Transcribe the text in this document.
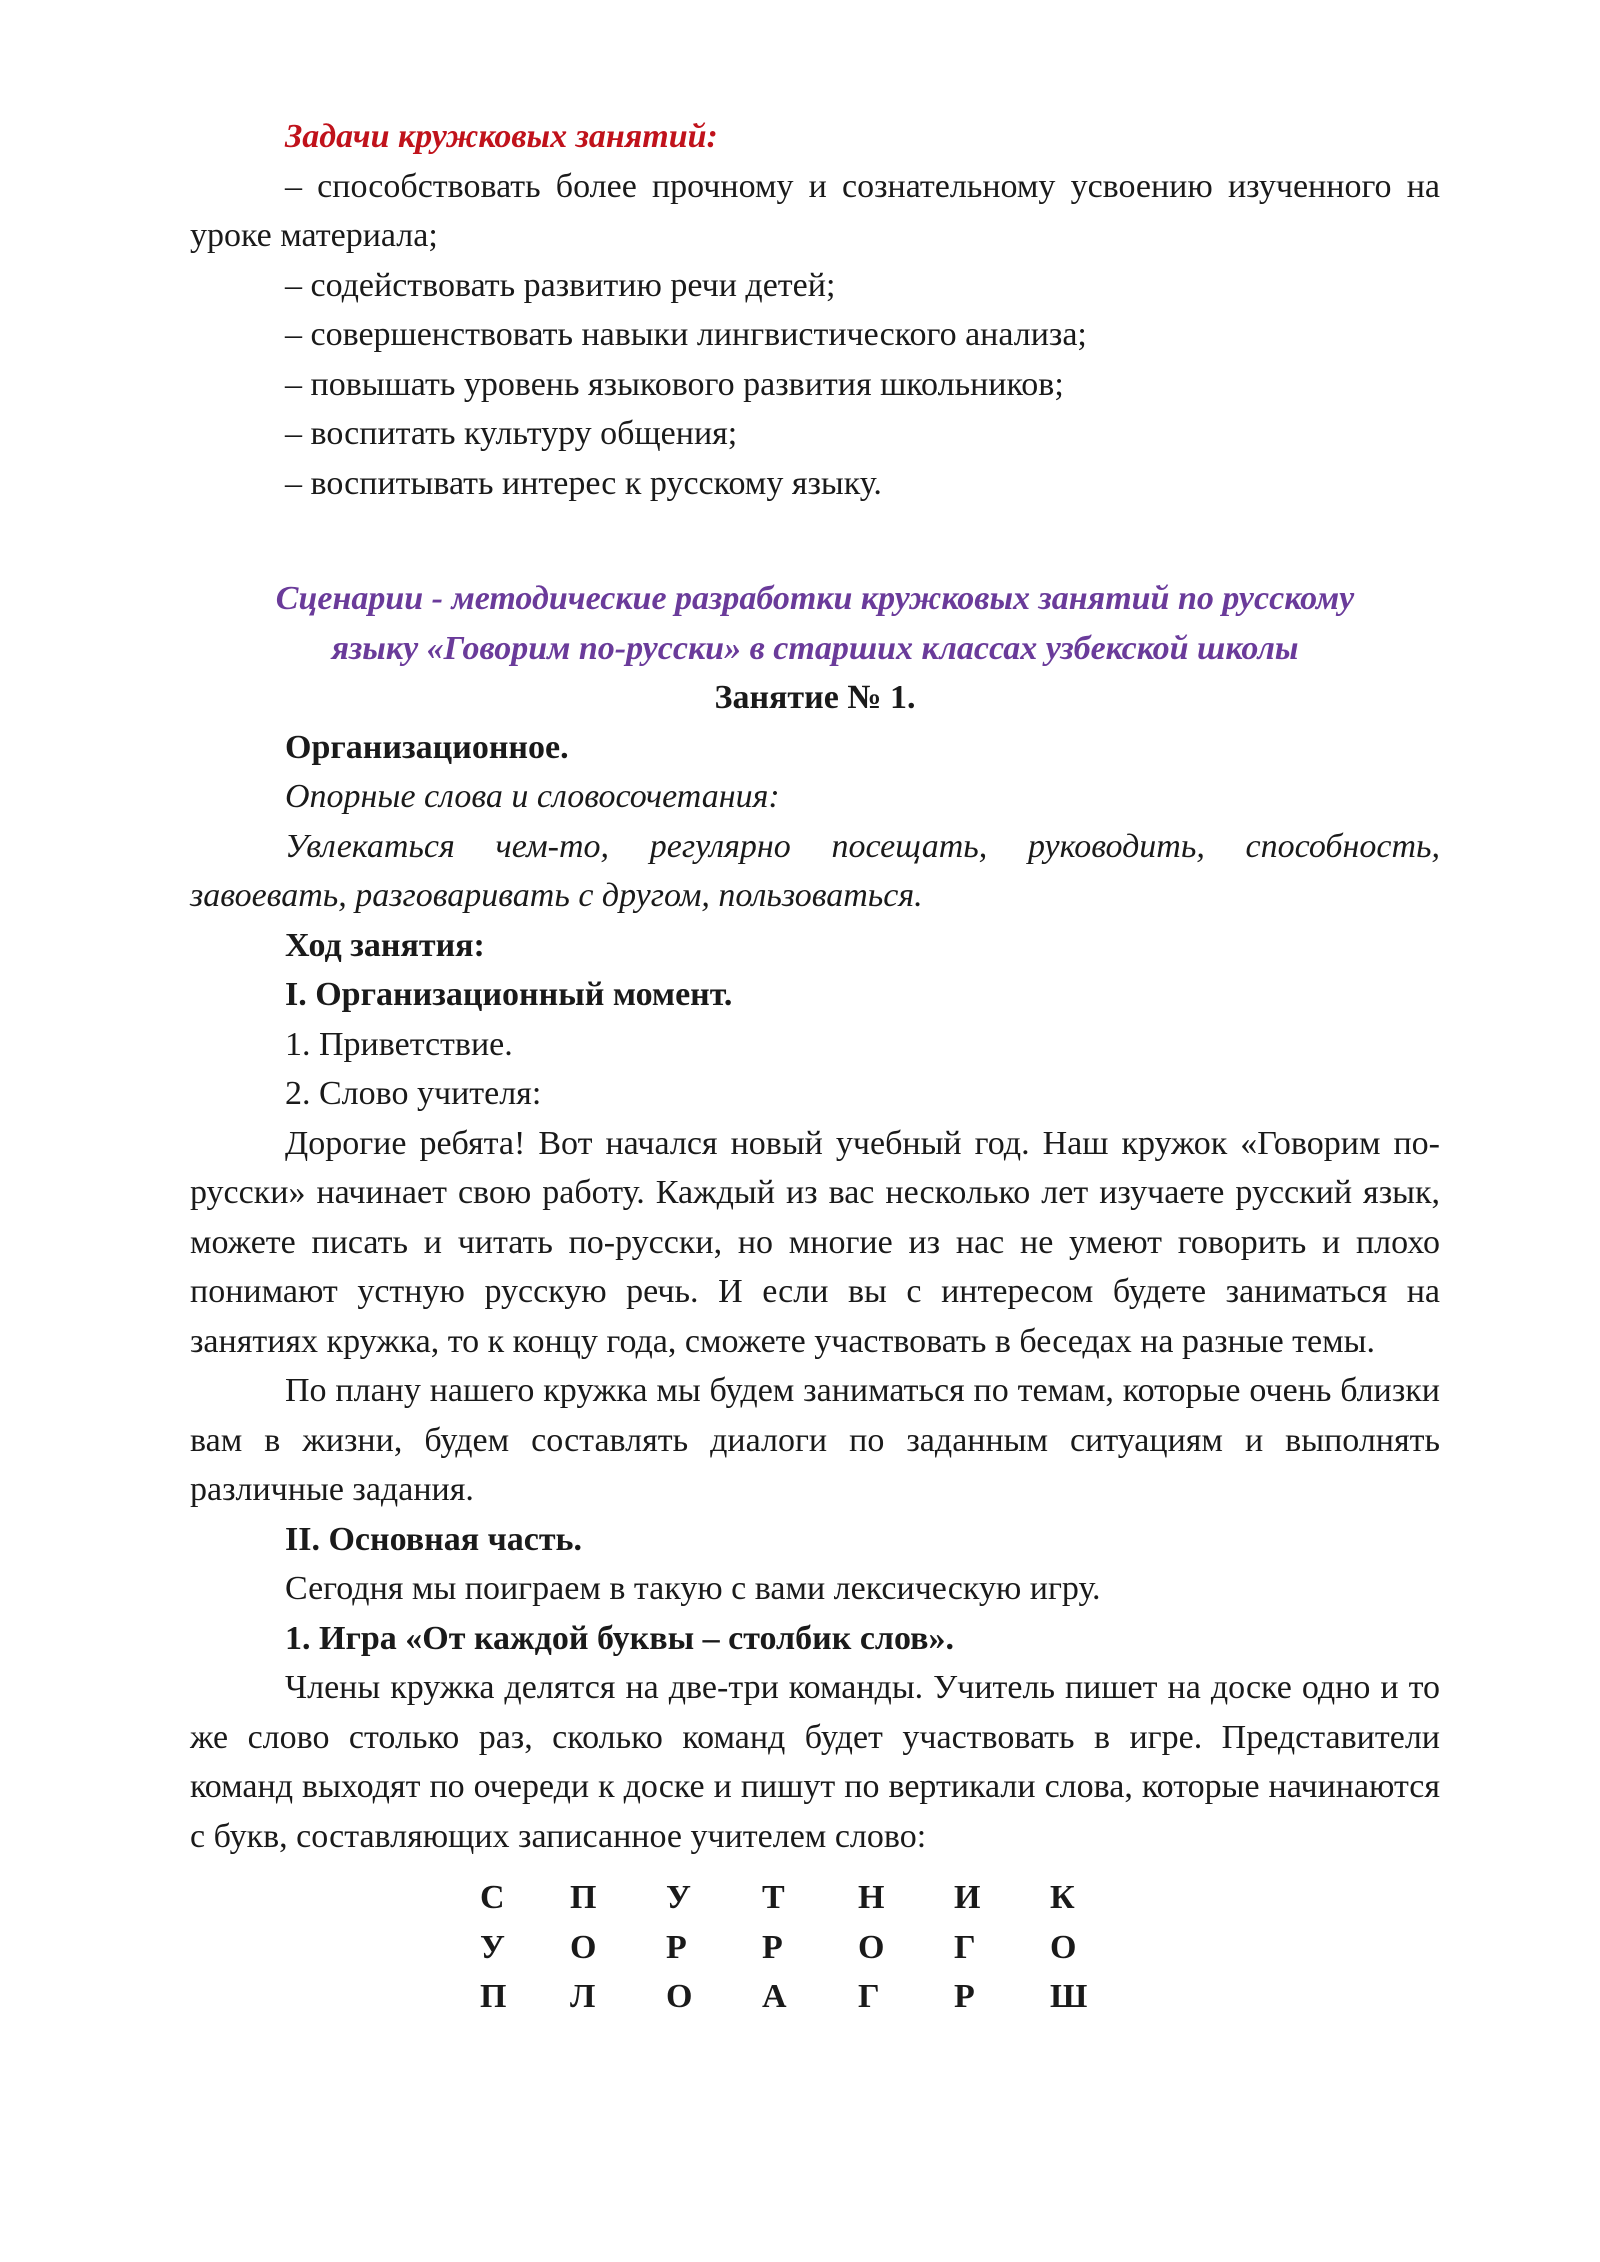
Задачи кружковых занятий:

– способствовать более прочному и сознательному усвоению изученного на уроке материала;

– содействовать развитию речи детей;

– совершенствовать навыки лингвистического анализа;

– повышать уровень языкового развития школьников;

– воспитать культуру общения;

– воспитывать интерес к русскому языку.

Сценарии - методические разработки кружковых занятий по русскому

языку «Говорим по-русски» в старших классах узбекской школы

Занятие № 1.

Организационное.

Опорные слова и словосочетания:

Увлекаться чем-то, регулярно посещать, руководить, способность, завоевать, разговаривать с другом, пользоваться.

Ход занятия:

I. Организационный момент.

1. Приветствие.

2. Слово учителя:

Дорогие ребята! Вот начался новый учебный год. Наш кружок «Говорим по-русски» начинает свою работу. Каждый из вас несколько лет изучаете русский язык, можете писать и читать по-русски, но многие из нас не умеют говорить и плохо понимают устную русскую речь. И если вы с интересом будете заниматься на занятиях кружка, то к концу года, сможете участвовать в беседах на разные темы.

По плану нашего кружка мы будем заниматься по темам, которые очень близки вам в жизни, будем составлять диалоги по заданным ситуациям и выполнять различные задания.

II. Основная часть.

Сегодня мы поиграем в такую с вами лексическую игру.

1. Игра «От каждой буквы – столбик слов».

Члены кружка делятся на две-три команды. Учитель пишет на доске одно и то же слово столько раз, сколько команд будет участвовать в игре. Представители команд выходят по очереди к доске и пишут по вертикали слова, которые начинаются с букв, составляющих записанное учителем слово:

С	П	У	Т	Н	И	К
У	О	Р	Р	О	Г	О
П	Л	О	А	Г	Р	Ш
